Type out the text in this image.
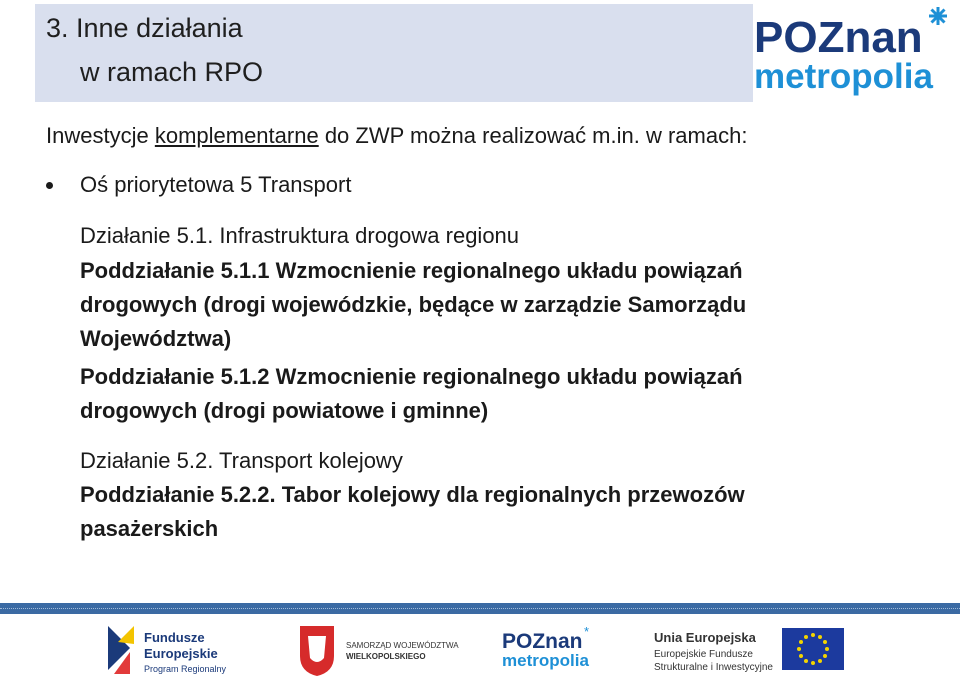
3. Inne działania
w ramach RPO
POZnan
metropolia
Inwestycje komplementarne do ZWP można realizować m.in. w ramach:
Oś priorytetowa 5 Transport
Działanie 5.1. Infrastruktura drogowa regionu
Poddziałanie 5.1.1 Wzmocnienie regionalnego układu powiązań
drogowych (drogi wojewódzkie, będące w zarządzie Samorządu
Województwa)
Poddziałanie 5.1.2 Wzmocnienie regionalnego układu powiązań
drogowych (drogi powiatowe i gminne)
Działanie 5.2. Transport kolejowy
Poddziałanie 5.2.2. Tabor kolejowy dla regionalnych przewozów
pasażerskich
Fundusze
Europejskie
Program Regionalny
SAMORZĄD WOJEWÓDZTWA
WIELKOPOLSKIEGO
POZnan *
metropolia
Unia Europejska
Europejskie Fundusze
Strukturalne i Inwestycyjne
